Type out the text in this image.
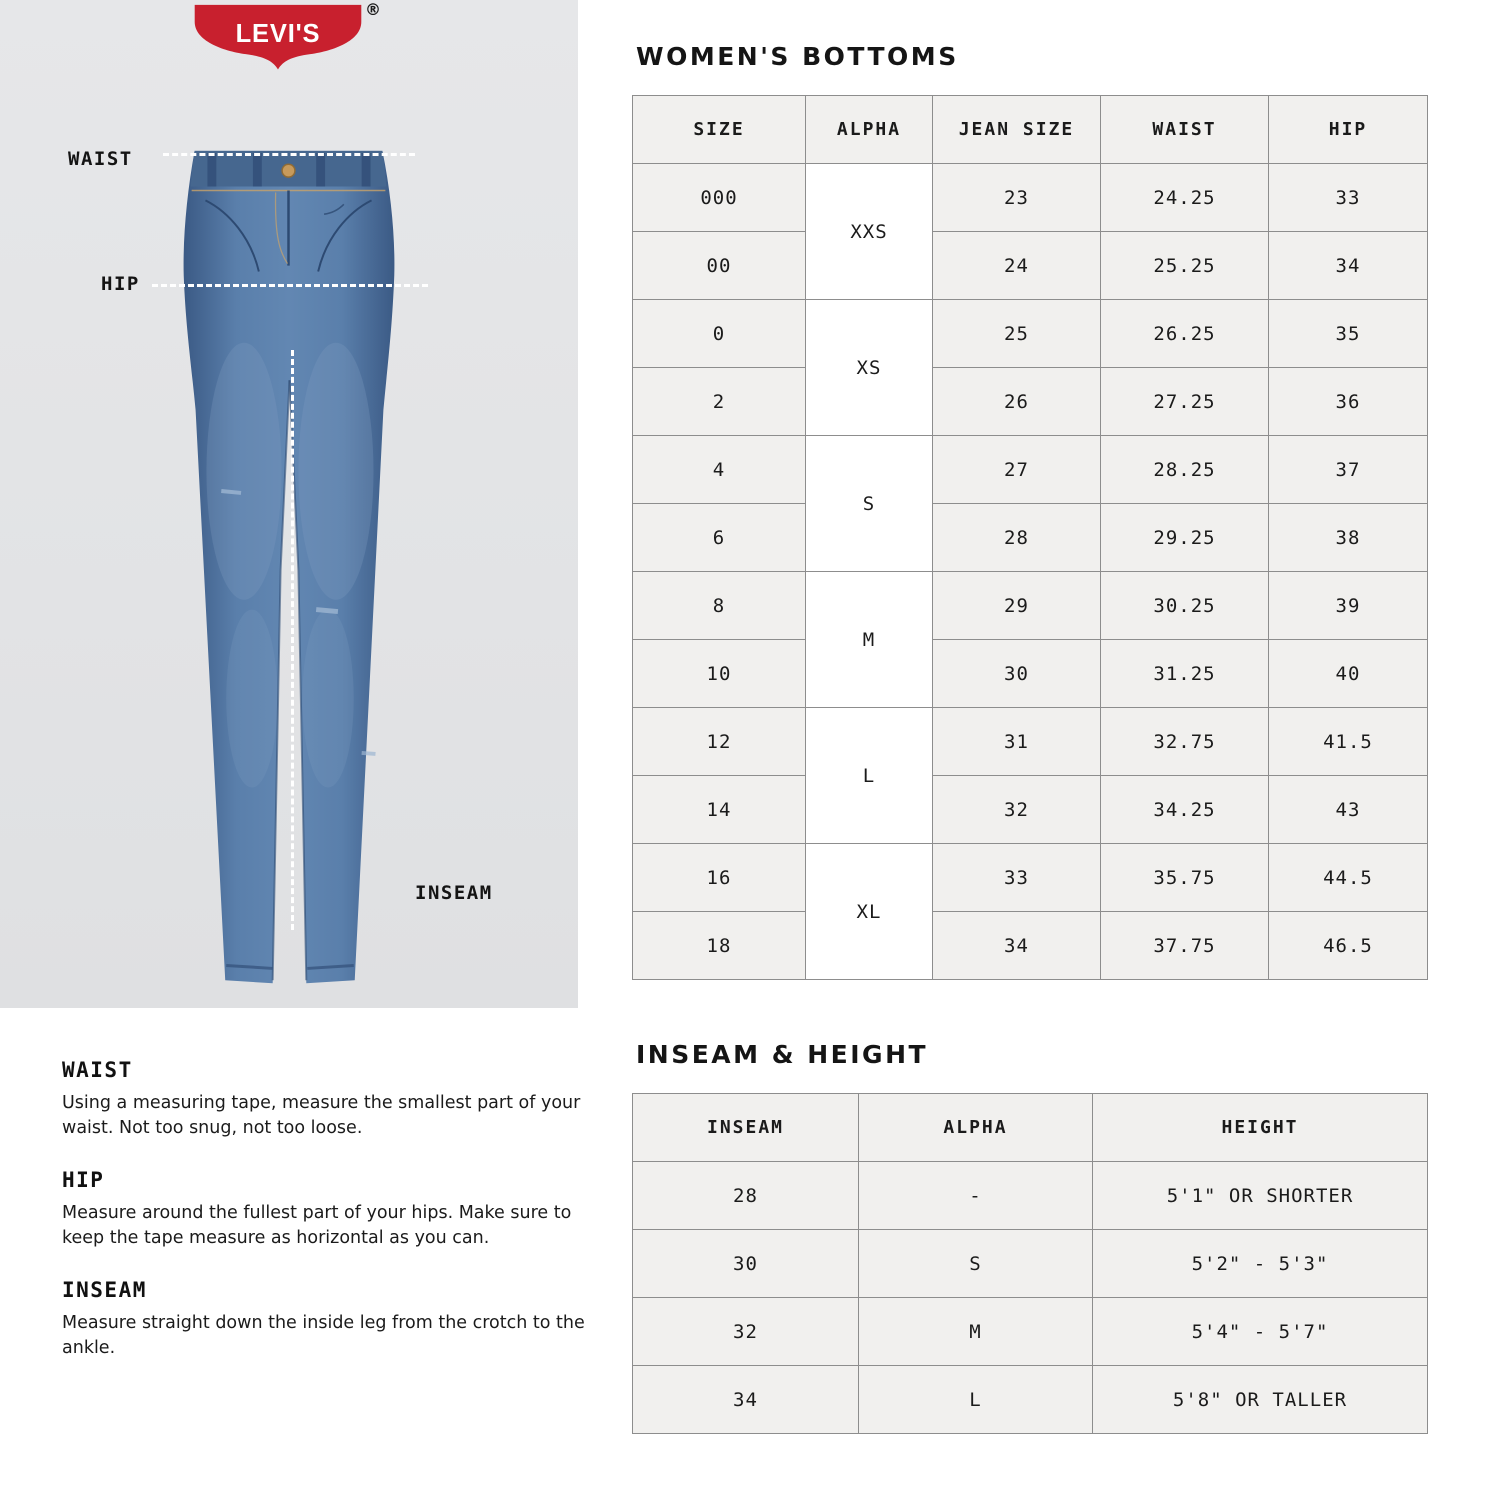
LEVI'S
®
WAIST
HIP
INSEAM
WAIST

Using a measuring tape, measure the smallest part of your waist. Not too snug, not too loose.

HIP

Measure around the fullest part of your hips. Make sure to keep the tape measure as horizontal as you can.

INSEAM

Measure straight down the inside leg from the crotch to the ankle.

WOMEN'S BOTTOMS
SIZE	ALPHA	JEAN SIZE	WAIST	HIP
000	XXS	23	24.25	33
00		24	25.25	34
0	XS	25	26.25	35
2		26	27.25	36
4	S	27	28.25	37
6		28	29.25	38
8	M	29	30.25	39
10		30	31.25	40
12	L	31	32.75	41.5
14		32	34.25	43
16	XL	33	35.75	44.5
18		34	37.75	46.5
INSEAM & HEIGHT
INSEAM	ALPHA	HEIGHT
28	-	5'1" OR SHORTER
30	S	5'2" - 5'3"
32	M	5'4" - 5'7"
34	L	5'8" OR TALLER
